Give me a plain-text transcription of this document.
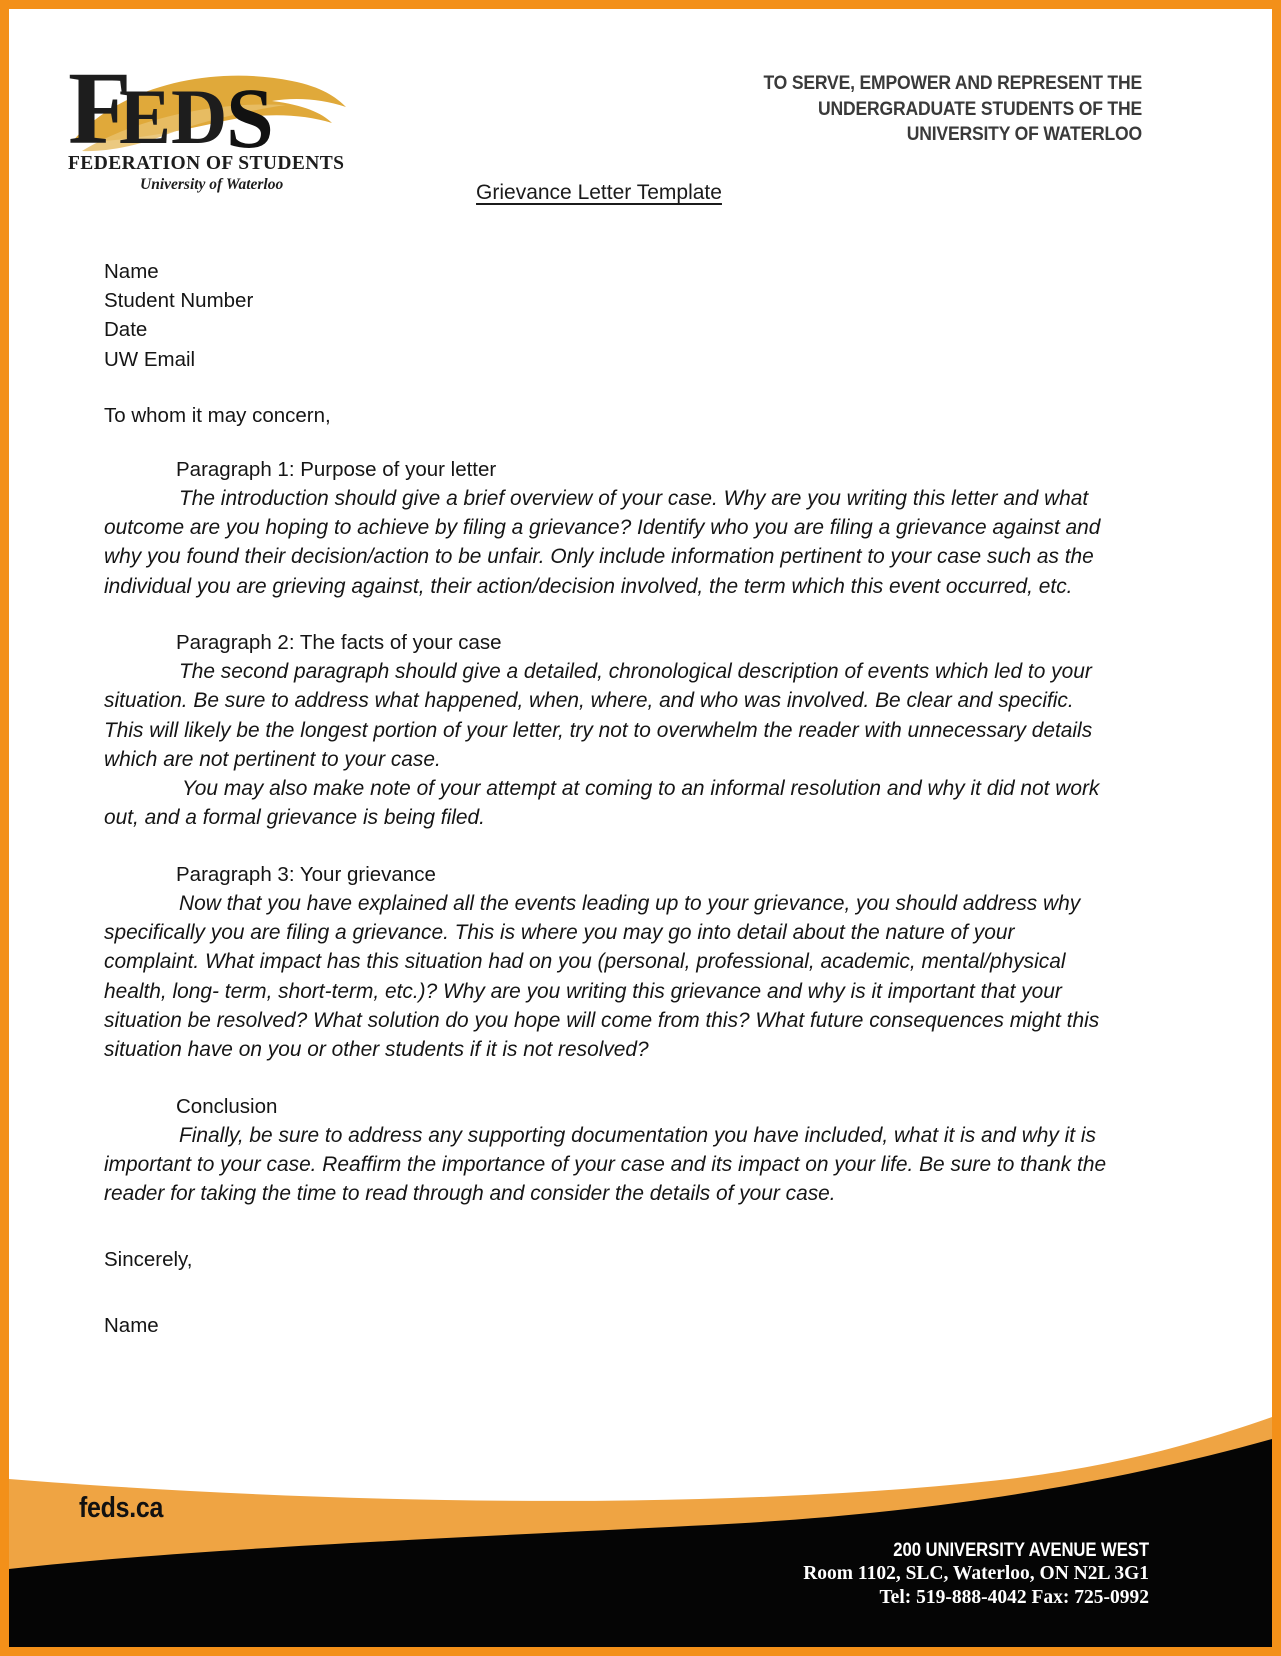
F
E D S
FEDERATION OF STUDENTS
University of Waterloo
TO SERVE, EMPOWER AND REPRESENT THE
UNDERGRADUATE STUDENTS OF THE
UNIVERSITY OF WATERLOO
Grievance Letter Template
Name
Student Number
Date
UW Email
To whom it may concern,
Paragraph 1: Purpose of your letter
The introduction should give a brief overview of your case. Why are you writing this letter and what outcome are you hoping to achieve by filing a grievance? Identify who you are filing a grievance against and why you found their decision/action to be unfair. Only include information pertinent to your case such as the individual you are grieving against, their action/decision involved, the term which this event occurred, etc.
Paragraph 2: The facts of your case
The second paragraph should give a detailed, chronological description of events which led to your situation. Be sure to address what happened, when, where, and who was involved. Be clear and specific. This will likely be the longest portion of your letter, try not to overwhelm the reader with unnecessary details which are not pertinent to your case.
You may also make note of your attempt at coming to an informal resolution and why it did not work out, and a formal grievance is being filed.
Paragraph 3: Your grievance
Now that you have explained all the events leading up to your grievance, you should address why specifically you are filing a grievance. This is where you may go into detail about the nature of your complaint. What impact has this situation had on you (personal, professional, academic, mental/physical health, long- term, short-term, etc.)? Why are you writing this grievance and why is it important that your situation be resolved? What solution do you hope will come from this? What future consequences might this situation have on you or other students if it is not resolved?
Conclusion
Finally, be sure to address any supporting documentation you have included, what it is and why it is important to your case. Reaffirm the importance of your case and its impact on your life. Be sure to thank the reader for taking the time to read through and consider the details of your case.
Sincerely,
Name
feds.ca
200 UNIVERSITY AVENUE WEST
Room 1102, SLC, Waterloo, ON N2L 3G1
Tel: 519-888-4042 Fax: 725-0992
